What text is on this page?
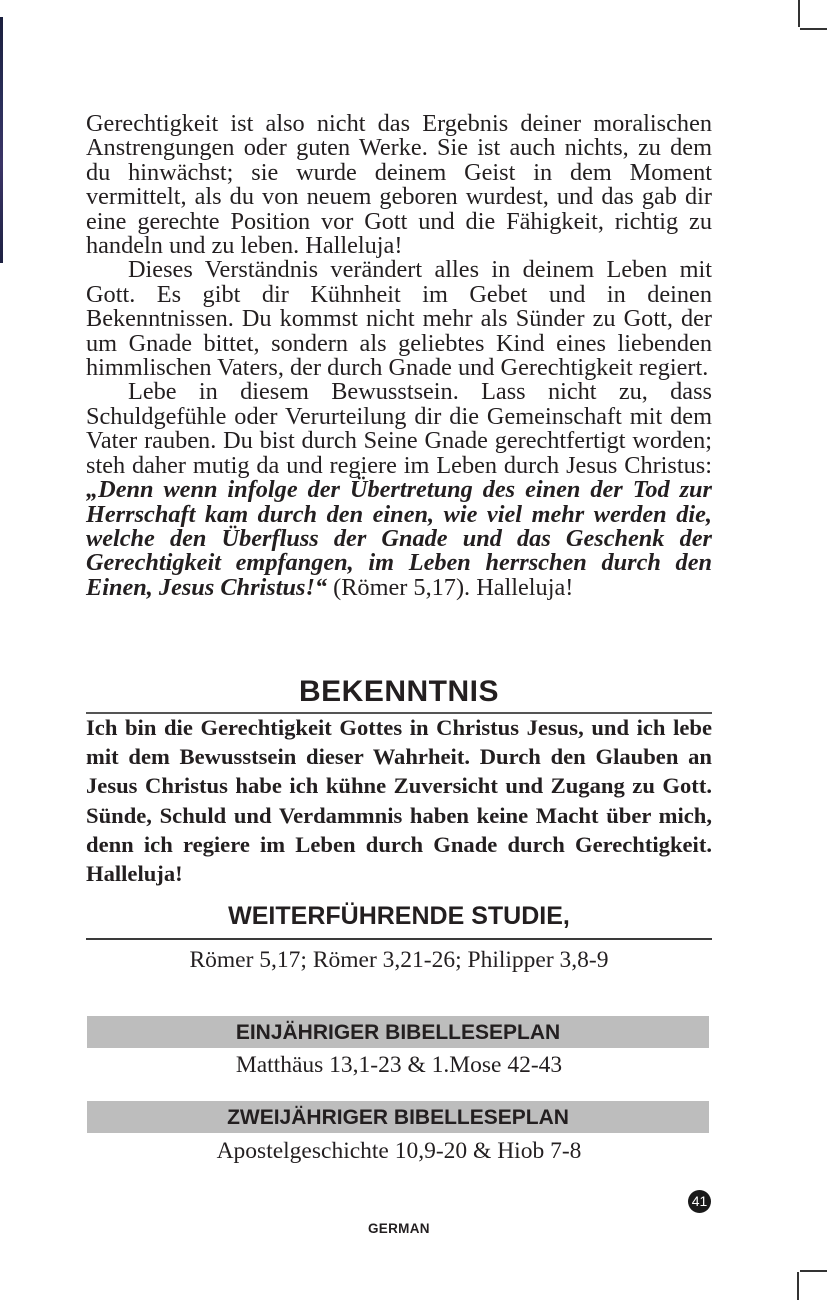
Gerechtigkeit ist also nicht das Ergebnis deiner moralischen Anstrengungen oder guten Werke. Sie ist auch nichts, zu dem du hinwächst; sie wurde deinem Geist in dem Moment vermittelt, als du von neuem geboren wurdest, und das gab dir eine gerechte Position vor Gott und die Fähigkeit, richtig zu handeln und zu leben. Halleluja!

Dieses Verständnis verändert alles in deinem Leben mit Gott. Es gibt dir Kühnheit im Gebet und in deinen Bekenntnissen. Du kommst nicht mehr als Sünder zu Gott, der um Gnade bittet, sondern als geliebtes Kind eines liebenden himmlischen Vaters, der durch Gnade und Gerechtigkeit regiert.

Lebe in diesem Bewusstsein. Lass nicht zu, dass Schuldgefühle oder Verurteilung dir die Gemeinschaft mit dem Vater rauben. Du bist durch Seine Gnade gerechtfertigt worden; steh daher mutig da und regiere im Leben durch Jesus Christus: „Denn wenn infolge der Übertretung des einen der Tod zur Herrschaft kam durch den einen, wie viel mehr werden die, welche den Überfluss der Gnade und das Geschenk der Gerechtigkeit empfangen, im Leben herrschen durch den Einen, Jesus Christus!“ (Römer 5,17). Halleluja!

BEKENNTNIS
Ich bin die Gerechtigkeit Gottes in Christus Jesus, und ich lebe mit dem Bewusstsein dieser Wahrheit. Durch den Glauben an Jesus Christus habe ich kühne Zuversicht und Zugang zu Gott. Sünde, Schuld und Verdammnis haben keine Macht über mich, denn ich regiere im Leben durch Gnade durch Gerechtigkeit. Halleluja!
WEITERFÜHRENDE STUDIE,
Römer 5,17; Römer 3,21-26; Philipper 3,8-9
EINJÄHRIGER BIBELLESEPLAN
Matthäus 13,1-23 & 1.Mose 42-43
ZWEIJÄHRIGER BIBELLESEPLAN
Apostelgeschichte 10,9-20 & Hiob 7-8
41
GERMAN
